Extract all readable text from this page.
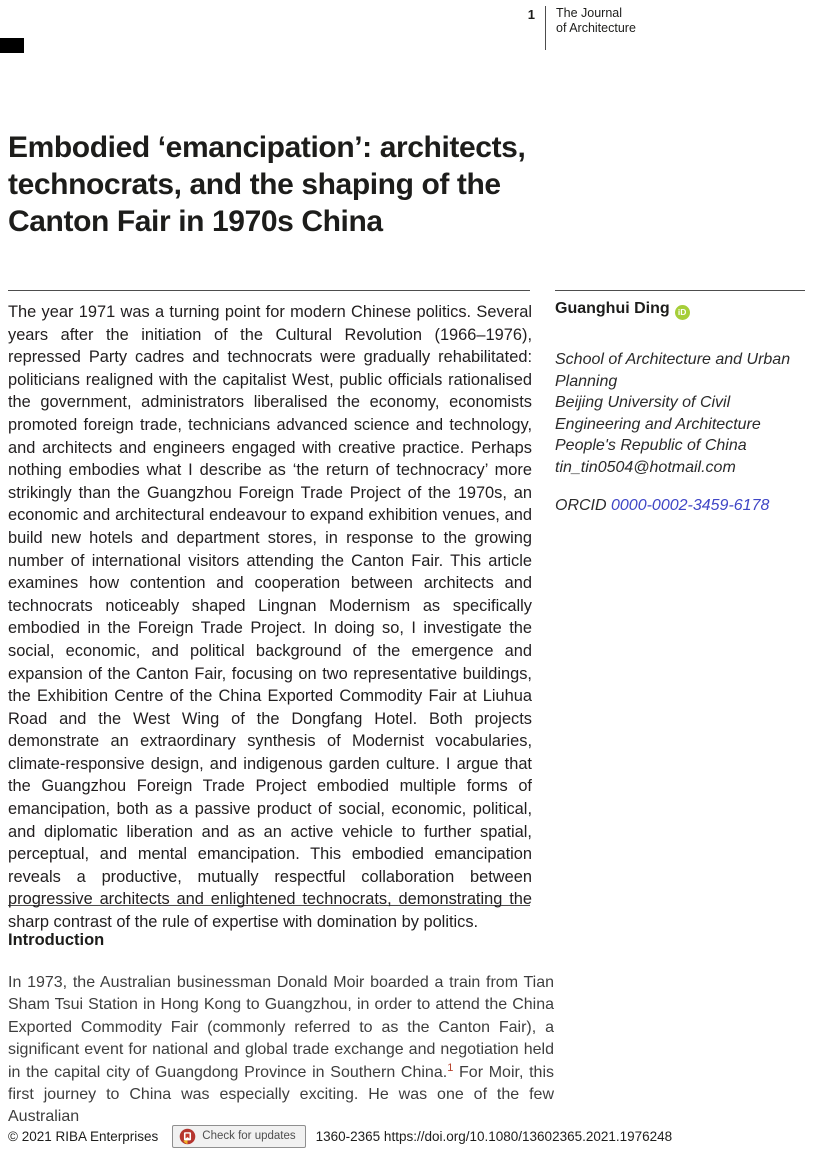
1 The Journal
of Architecture
Embodied ‘emancipation’: architects,
technocrats, and the shaping of the
Canton Fair in 1970s China
The year 1971 was a turning point for modern Chinese politics. Several years after the initiation of the Cultural Revolution (1966–1976), repressed Party cadres and technocrats were gradually rehabilitated: politicians realigned with the capitalist West, public officials rationalised the government, administrators liberalised the economy, economists promoted foreign trade, technicians advanced science and technology, and architects and engineers engaged with creative practice. Perhaps nothing embodies what I describe as ‘the return of technocracy’ more strikingly than the Guangzhou Foreign Trade Project of the 1970s, an economic and architectural endeavour to expand exhibition venues, and build new hotels and department stores, in response to the growing number of international visitors attending the Canton Fair. This article examines how contention and cooperation between architects and technocrats noticeably shaped Lingnan Modernism as specifically embodied in the Foreign Trade Project. In doing so, I investigate the social, economic, and political background of the emergence and expansion of the Canton Fair, focusing on two representative buildings, the Exhibition Centre of the China Exported Commodity Fair at Liuhua Road and the West Wing of the Dongfang Hotel. Both projects demonstrate an extraordinary synthesis of Modernist vocabularies, climate-responsive design, and indigenous garden culture. I argue that the Guangzhou Foreign Trade Project embodied multiple forms of emancipation, both as a passive product of social, economic, political, and diplomatic liberation and as an active vehicle to further spatial, perceptual, and mental emancipation. This embodied emancipation reveals a productive, mutually respectful collaboration between progressive architects and enlightened technocrats, demonstrating the sharp contrast of the rule of expertise with domination by politics.
Guanghui Ding iD
School of Architecture and Urban Planning
Beijing University of Civil Engineering and Architecture
People's Republic of China
tin_tin0504@hotmail.com
ORCID 0000-0002-3459-6178
Introduction
In 1973, the Australian businessman Donald Moir boarded a train from Tian Sham Tsui Station in Hong Kong to Guangzhou, in order to attend the China Exported Commodity Fair (commonly referred to as the Canton Fair), a significant event for national and global trade exchange and negotiation held in the capital city of Guangdong Province in Southern China.$^1$ For Moir, this first journey to China was especially exciting. He was one of the few Australian
© 2021 RIBA Enterprises	Check for updates 1360-2365 https://doi.org/10.1080/13602365.2021.1976248
